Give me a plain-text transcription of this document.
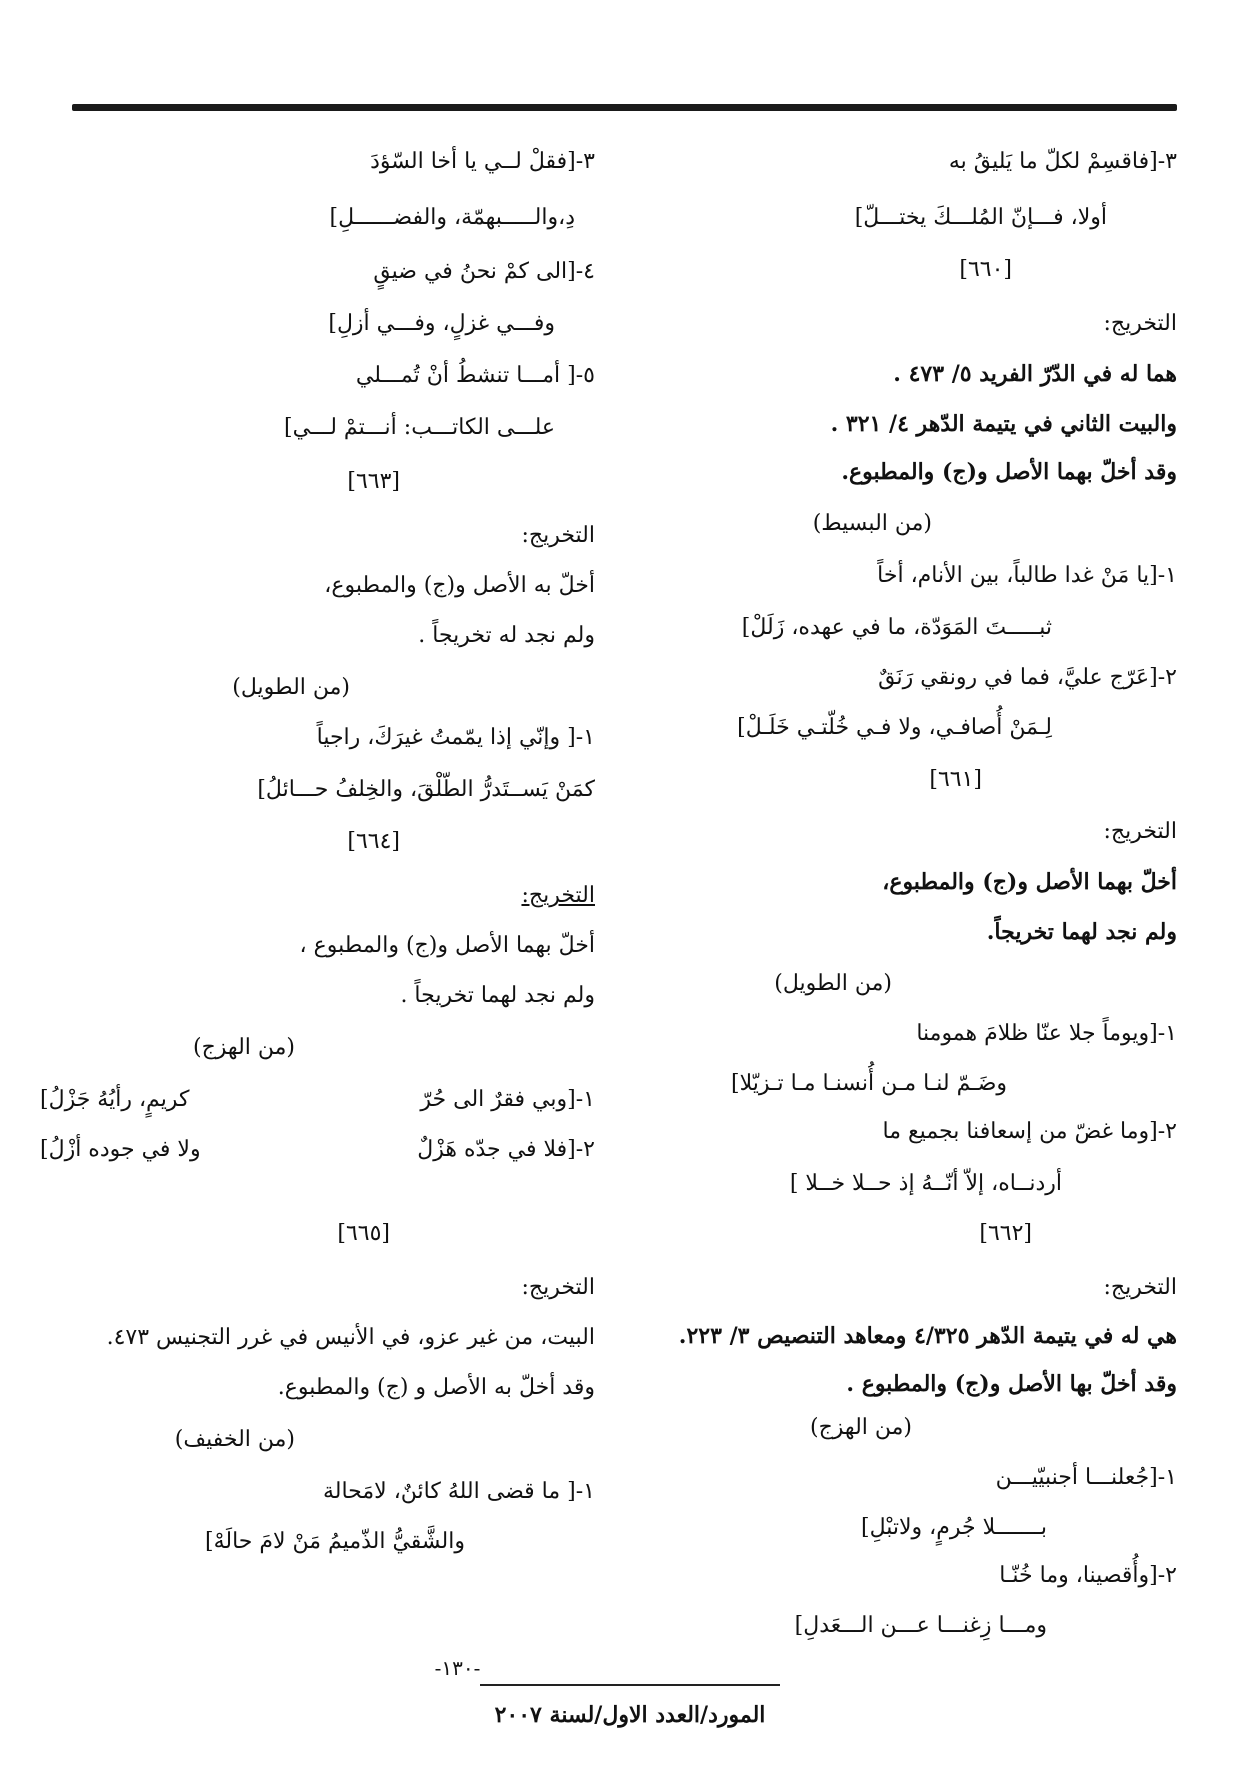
٣-[فاقسِمْ لكلّ ما يَليقُ به
أولا، فـــإنّ المُلـــكَ يختـــلّ]
[٦٦٠]
التخريج:
هما له في الدّرّ الفريد ٥/ ٤٧٣ .
والبيت الثاني في يتيمة الدّهر ٤/ ٣٢١ .
وقد أخلّ بهما الأصل و(ج) والمطبوع.
(من البسيط)
١-[يا مَنْ غدا طالباً، بين الأنام، أخاً
ثبـــــتَ المَوَدّة، ما في عهده، زَلَلْ]
٢-[عَرّج عليَّ، فما في رونقي رَنَقٌ
لِـمَنْ أُصافـي، ولا فـي خُلّتـي خَلَـلْ]
[٦٦١]
التخريج:
أخلّ بهما الأصل و(ج) والمطبوع،
ولم نجد لهما تخريجاً.
(من الطويل)
١-[ويوماً جلا عنّا ظلامَ همومنا
وضَـمّ لنـا مـن أُنسنـا مـا تـزيّلا]
٢-[وما غضّ من إسعافنا بجميع ما
أردنــاه، إلاّ أنّــهُ إذ حــلا خــلا ]
[٦٦٢]
التخريج:
هي له في يتيمة الدّهر ٤/٣٢٥ ومعاهد التنصيص ٣/ ٢٢٣.
وقد أخلّ بها الأصل و(ج) والمطبوع .
(من الهزج)
١-[جُعلنـــا أجنبيّيـــن
بـــــــلا جُرمٍ، ولاتبْلِ]
٢-[وأُقصينا، وما خُنّـا
ومـــا زِغنـــا عـــن الـــعَدلِ]
٣-[فقلْ لــي يا أخا السّؤدَ
دِ،والـــــبهمّة، والفضــــــلِ]
٤-[الى كمْ نحنُ في ضيقٍ
وفـــي غزلٍ، وفـــي أزلِ]
٥-[ أمـــا تنشطُ أنْ تُمـــلي
علـــى الكاتـــب: أنـــتمْ لـــي]
[٦٦٣]
التخريج:
أخلّ به الأصل و(ج) والمطبوع،
ولم نجد له تخريجاً .
(من الطويل)
١-[ وإنّي إذا يمّمتُ غيرَكَ، راجياً
كمَنْ يَســتَدرُّ الطّلْقَ، والخِلفُ حـــائلُ]
[٦٦٤]
التخريج:
أخلّ بهما الأصل و(ج) والمطبوع ،
ولم نجد لهما تخريجاً .
(من الهزج)
١-[وبي فقرٌ الى حُرّ
كريمٍ، رأيُهُ جَزْلُ]
٢-[فلا في جدّه هَزْلٌ
ولا في جوده أزْلُ]
[٦٦٥]
التخريج:
البيت، من غير عزو، في الأنيس في غرر التجنيس ٤٧٣.
وقد أخلّ به الأصل و (ج) والمطبوع.
(من الخفيف)
١-[ ما قضى اللهُ كائنٌ، لامَحالة
والشَّقيُّ الذّميمُ مَنْ لامَ حالَهْ]
-١٣٠-
المورد/العدد الاول/لسنة ٢٠٠٧
